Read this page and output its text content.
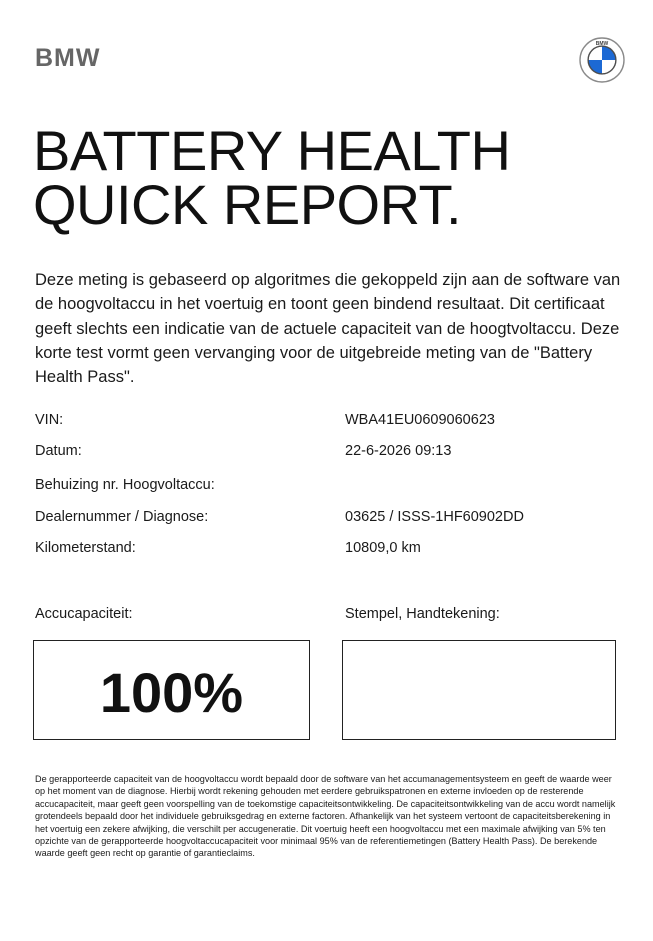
BMW	BMW
BATTERY HEALTH
QUICK REPORT.

Deze meting is gebaseerd op algoritmes die gekoppeld zijn aan de software van de hoogvoltaccu in het voertuig en toont geen bindend resultaat. Dit certificaat geeft slechts een indicatie van de actuele capaciteit van de hoogtvoltaccu. Deze korte test vormt geen vervanging voor de uitgebreide meting van de "Battery Health Pass".

VIN:	WBA41EU0609060623
Datum:	22-6-2026 09:13
Behuizing nr. Hoogvoltaccu:
Dealernummer / Diagnose:	03625 / ISSS-1HF60902DD
Kilometerstand:	10809,0 km
Accucapaciteit:	Stempel, Handtekening:
100%

De gerapporteerde capaciteit van de hoogvoltaccu wordt bepaald door de software van het accumanagementsysteem en geeft de waarde weer op het moment van de diagnose. Hierbij wordt rekening gehouden met eerdere gebruikspatronen en externe invloeden op de resterende accucapaciteit, maar geeft geen voorspelling van de toekomstige capaciteitsontwikkeling. De capaciteitsontwikkeling van de accu wordt namelijk grotendeels bepaald door het individuele gebruiksgedrag en externe factoren. Afhankelijk van het systeem vertoont de capaciteitsberekening in het voertuig een zekere afwijking, die verschilt per accugeneratie. Dit voertuig heeft een hoogvoltaccu met een maximale afwijking van 5% ten opzichte van de gerapporteerde hoogvoltaccucapaciteit voor minimaal 95% van de referentiemetingen (Battery Health Pass). De berekende waarde geeft geen recht op garantie of garantieclaims.
